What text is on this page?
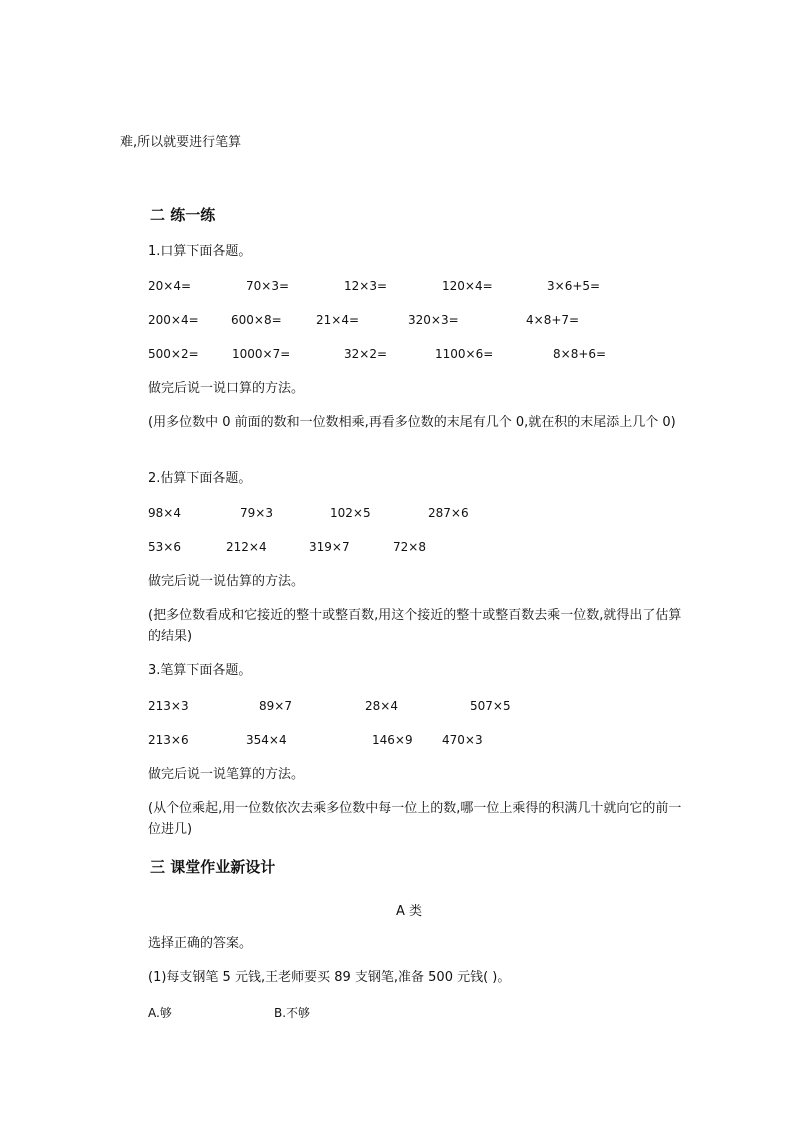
难,所以就要进行笔算
二 练一练
1.口算下面各题。
20×4=	70×3=	12×3=	120×4=	3×6+5=
200×4=	600×8=	21×4=	320×3=	4×8+7=
500×2=	1000×7=	32×2=	1100×6=	8×8+6=
做完后说一说口算的方法。
(用多位数中 0 前面的数和一位数相乘,再看多位数的末尾有几个 0,就在积的末尾添上几个 0)
2.估算下面各题。
98×4	79×3	102×5	287×6
53×6	212×4	319×7	72×8
做完后说一说估算的方法。
(把多位数看成和它接近的整十或整百数,用这个接近的整十或整百数去乘一位数,就得出了估算的结果)
3.笔算下面各题。
213×3	89×7	28×4	507×5
213×6	354×4	146×9 470×3
做完后说一说笔算的方法。
(从个位乘起,用一位数依次去乘多位数中每一位上的数,哪一位上乘得的积满几十就向它的前一位进几)
三 课堂作业新设计
A 类
选择正确的答案。
(1)每支钢笔 5 元钱,王老师要买 89 支钢笔,准备 500 元钱( )。
A.够	B.不够
